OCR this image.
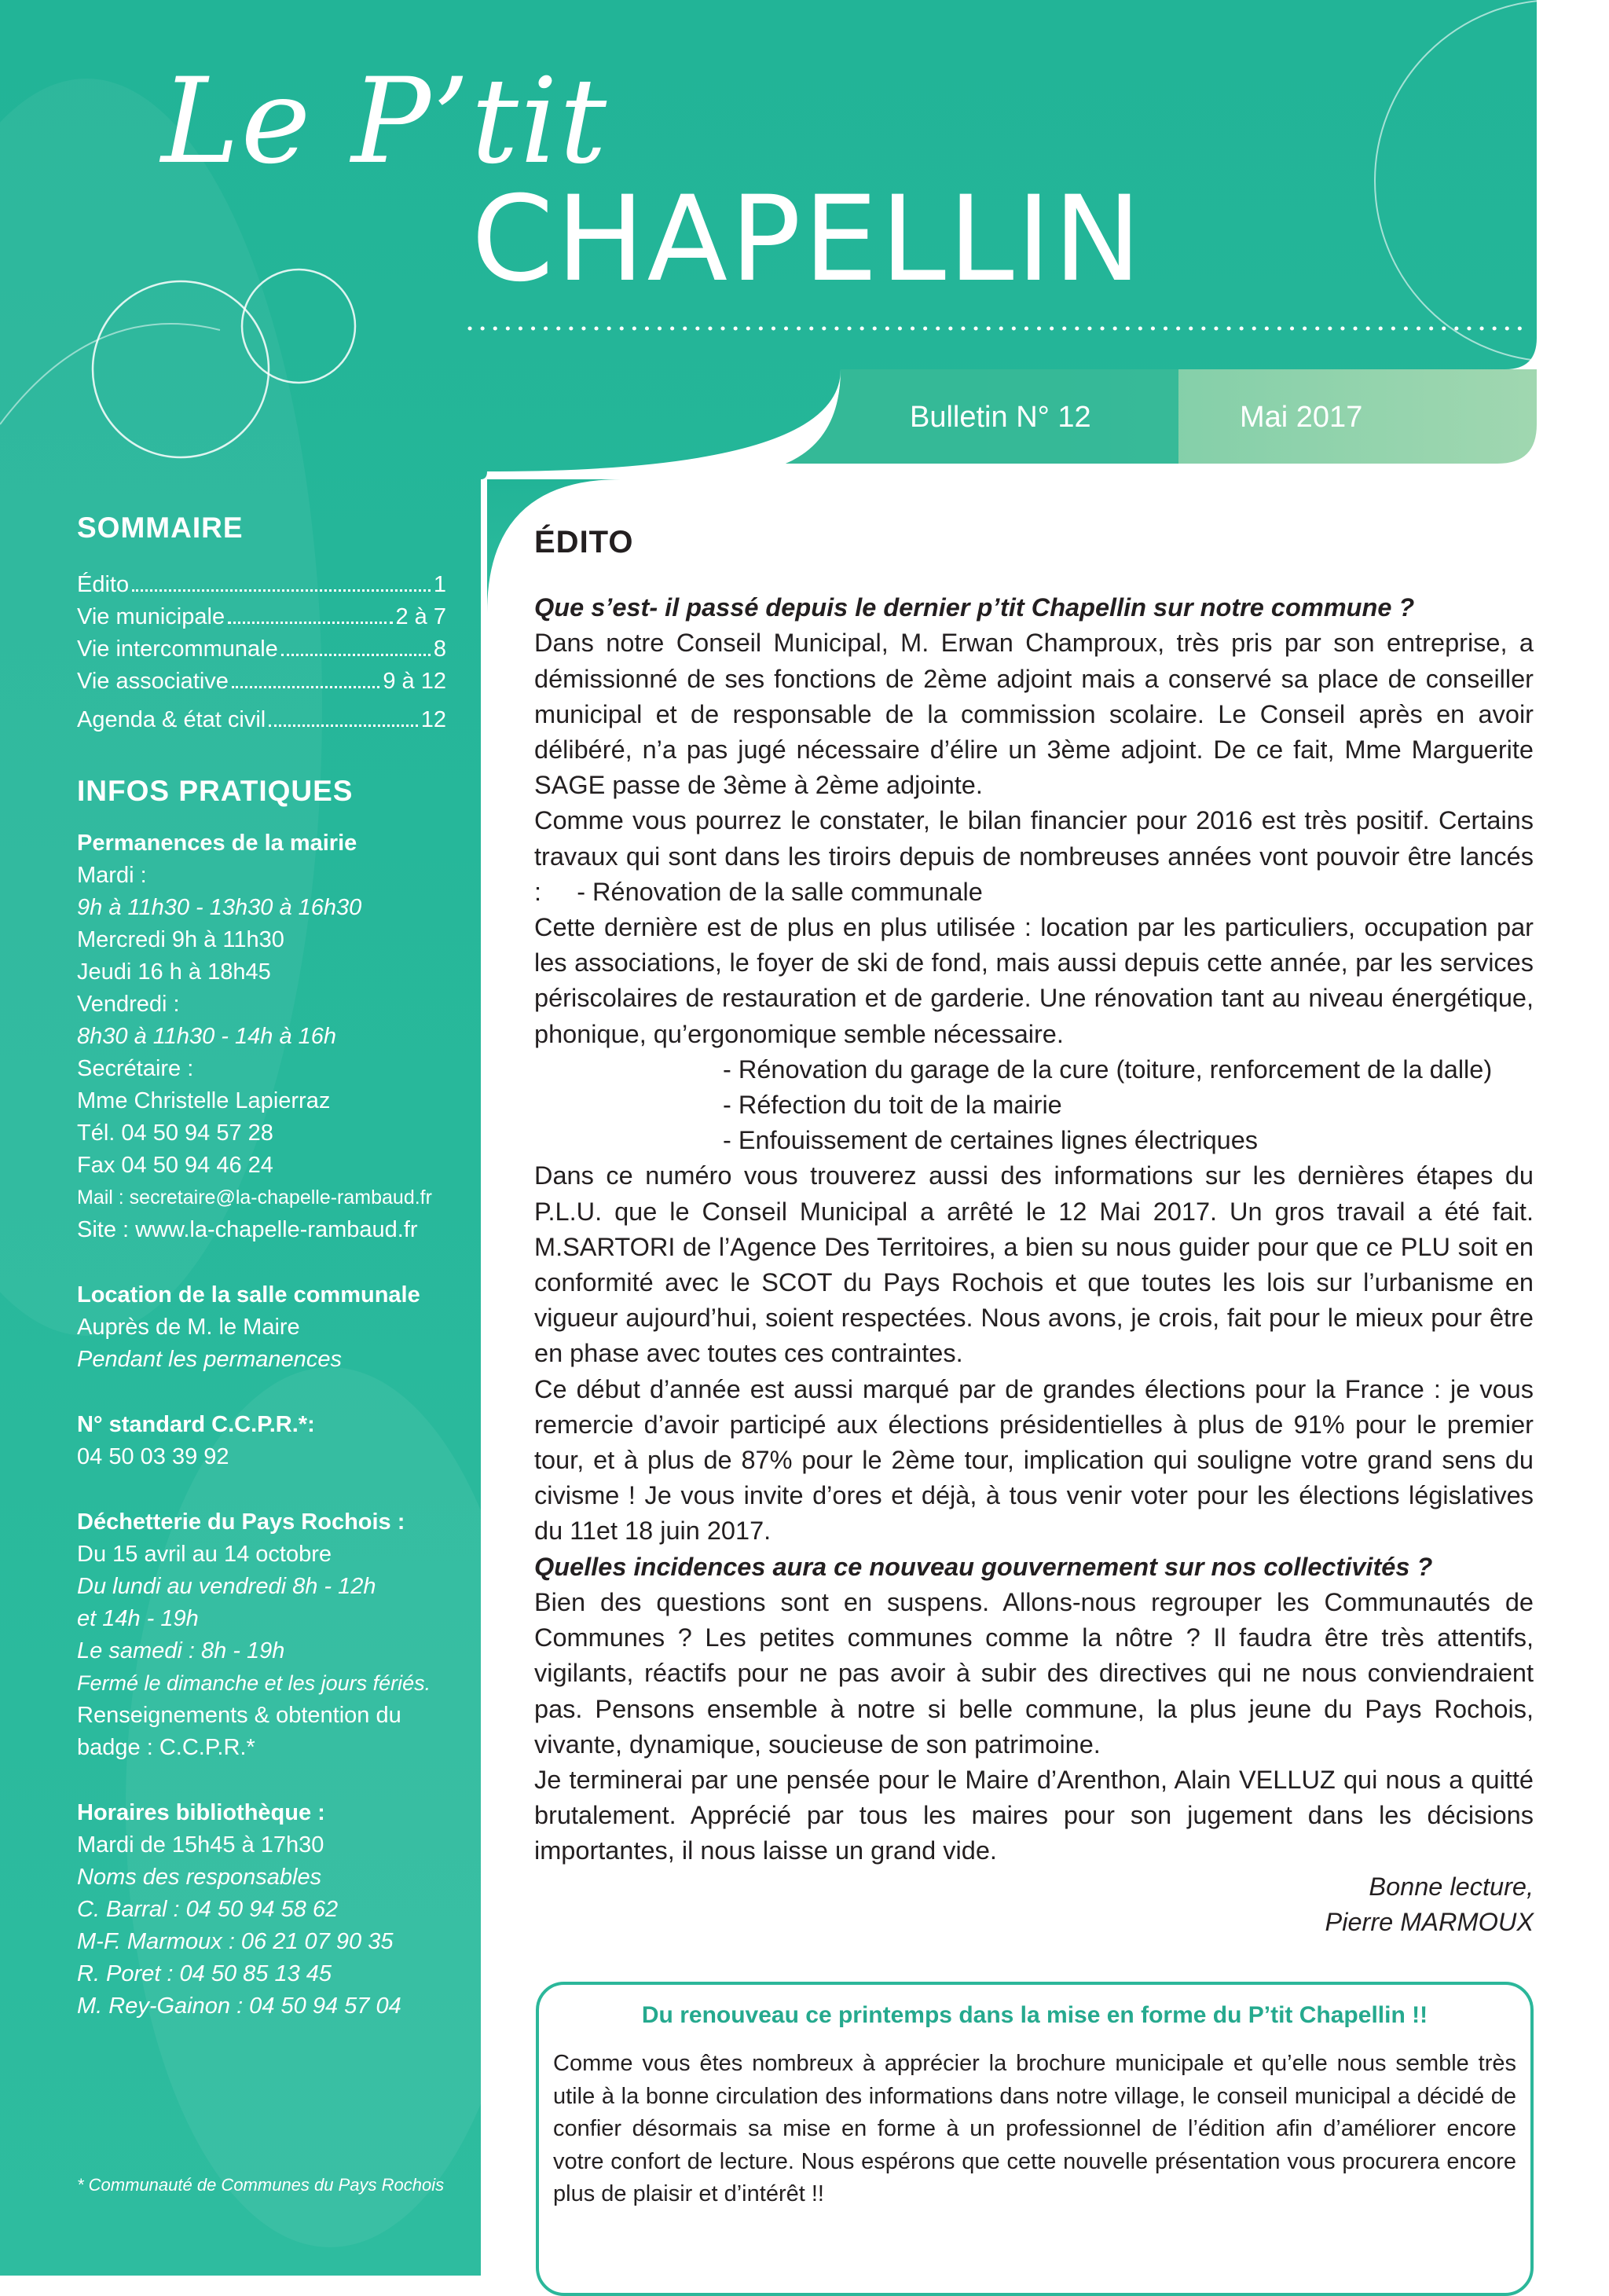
Le P’tit
CHAPELLIN
Bulletin N° 12	Mai 2017
SOMMAIRE
Édito	1
Vie municipale	2 à 7
Vie intercommunale	8
Vie associative	9 à 12
Agenda & état civil	12
INFOS PRATIQUES

Permanences de la mairie

Mardi :

9h à 11h30 - 13h30 à 16h30

Mercredi 9h à 11h30

Jeudi 16 h à 18h45

Vendredi :

8h30 à 11h30 - 14h à 16h

Secrétaire :

Mme Christelle Lapierraz

Tél. 04 50 94 57 28

Fax 04 50 94 46 24

Mail : secretaire@la-chapelle-rambaud.fr

Site : www.la-chapelle-rambaud.fr

Location de la salle communale

Auprès de M. le Maire

Pendant les permanences

N° standard C.C.P.R.*:

04 50 03 39 92

Déchetterie du Pays Rochois :

Du 15 avril au 14 octobre

Du lundi au vendredi 8h - 12h

et 14h - 19h

Le samedi : 8h - 19h

Fermé le dimanche et les jours fériés.

Renseignements & obtention du

badge : C.C.P.R.*

Horaires bibliothèque :

Mardi de 15h45 à 17h30

Noms des responsables

C. Barral : 04 50 94 58 62

M-F. Marmoux : 06 21 07 90 35

R. Poret : 04 50 85 13 45

M. Rey-Gainon : 04 50 94 57 04

* Communauté de Communes du Pays Rochois
ÉDITO

Que s’est- il passé depuis le dernier p’tit Chapellin sur notre commune ?

Dans notre Conseil Municipal, M. Erwan Champroux, très pris par son entreprise, a démissionné de ses fonctions de 2ème adjoint mais a conservé sa place de conseiller municipal et de responsable de la commission scolaire. Le Conseil après en avoir délibéré, n’a pas jugé nécessaire d’élire un 3ème adjoint. De ce fait, Mme Marguerite SAGE passe de 3ème à 2ème adjointe.

Comme vous pourrez le constater, le bilan financier pour 2016 est très positif. Certains travaux qui sont dans les tiroirs depuis de nombreuses années vont pouvoir être lancés : - Rénovation de la salle communale

Cette dernière est de plus en plus utilisée : location par les particuliers, occupation par les associations, le foyer de ski de fond, mais aussi depuis cette année, par les services périscolaires de restauration et de garderie. Une rénovation tant au niveau énergétique, phonique, qu’ergonomique semble nécessaire.

- Rénovation du garage de la cure (toiture, renforcement de la dalle)

- Réfection du toit de la mairie

- Enfouissement de certaines lignes électriques

Dans ce numéro vous trouverez aussi des informations sur les dernières étapes du P.L.U. que le Conseil Municipal a arrêté le 12 Mai 2017. Un gros travail a été fait. M.SARTORI de l’Agence Des Territoires, a bien su nous guider pour que ce PLU soit en conformité avec le SCOT du Pays Rochois et que toutes les lois sur l’urbanisme en vigueur aujourd’hui, soient respectées. Nous avons, je crois, fait pour le mieux pour être en phase avec toutes ces contraintes.

Ce début d’année est aussi marqué par de grandes élections pour la France : je vous remercie d’avoir participé aux élections présidentielles à plus de 91% pour le premier tour, et à plus de 87% pour le 2ème tour, implication qui souligne votre grand sens du civisme ! Je vous invite d’ores et déjà, à tous venir voter pour les élections législatives du 11et 18 juin 2017.

Quelles incidences aura ce nouveau gouvernement sur nos collectivités ?

Bien des questions sont en suspens. Allons-nous regrouper les Communautés de Communes ? Les petites communes comme la nôtre ? Il faudra être très attentifs, vigilants, réactifs pour ne pas avoir à subir des directives qui ne nous conviendraient pas. Pensons ensemble à notre si belle commune, la plus jeune du Pays Rochois, vivante, dynamique, soucieuse de son patrimoine.

Je terminerai par une pensée pour le Maire d’Arenthon, Alain VELLUZ qui nous a quitté brutalement. Apprécié par tous les maires pour son jugement dans les décisions importantes, il nous laisse un grand vide.

Bonne lecture,

Pierre MARMOUX

Du renouveau ce printemps dans la mise en forme du P’tit Chapellin !!
Comme vous êtes nombreux à apprécier la brochure municipale et qu’elle nous semble très utile à la bonne circulation des informations dans notre village, le conseil municipal a décidé de confier désormais sa mise en forme à un professionnel de l’édition afin d’améliorer encore votre confort de lecture. Nous espérons que cette nouvelle présentation vous procurera encore plus de plaisir et d’intérêt !!
